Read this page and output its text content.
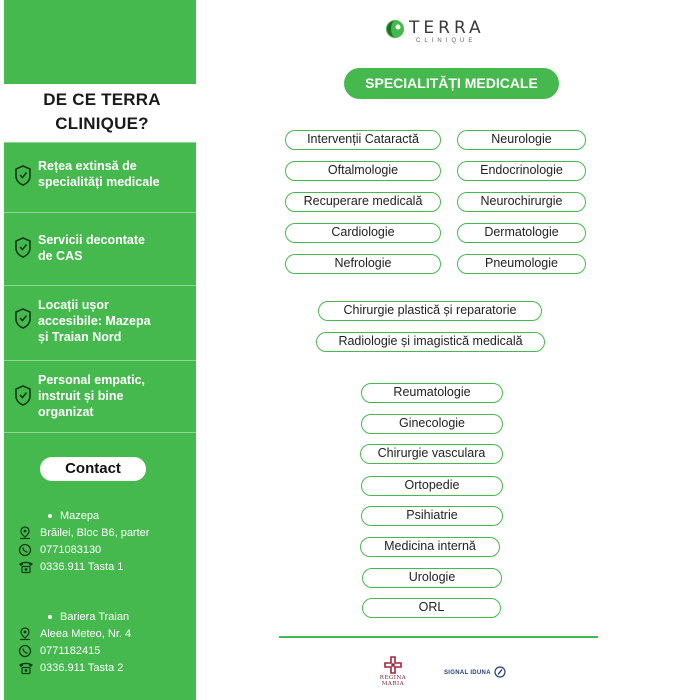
DE CE TERRA
CLINIQUE?
Rețea extinsă de
specialități medicale
Servicii decontate
de CAS
Locații ușor
accesibile: Mazepa
și Traian Nord
Personal empatic,
instruit și bine
organizat
Contact
Mazepa
Brăilei, Bloc B6, parter
0771083130
0336.911 Tasta 1
Bariera Traian
Aleea Meteo, Nr. 4
0771182415
0336.911 Tasta 2
TERRA
CLINIQUE
SPECIALITĂȚI MEDICALE
Intervenții Cataractă
Oftalmologie
Recuperare medicală
Cardiologie
Nefrologie
Neurologie
Endocrinologie
Neurochirurgie
Dermatologie
Pneumologie
Chirurgie plastică și reparatorie
Radiologie și imagistică medicală
Reumatologie
Ginecologie
Chirurgie vasculara
Ortopedie
Psihiatrie
Medicina internă
Urologie
ORL
REGINA MARIA
SIGNAL IDUNA
